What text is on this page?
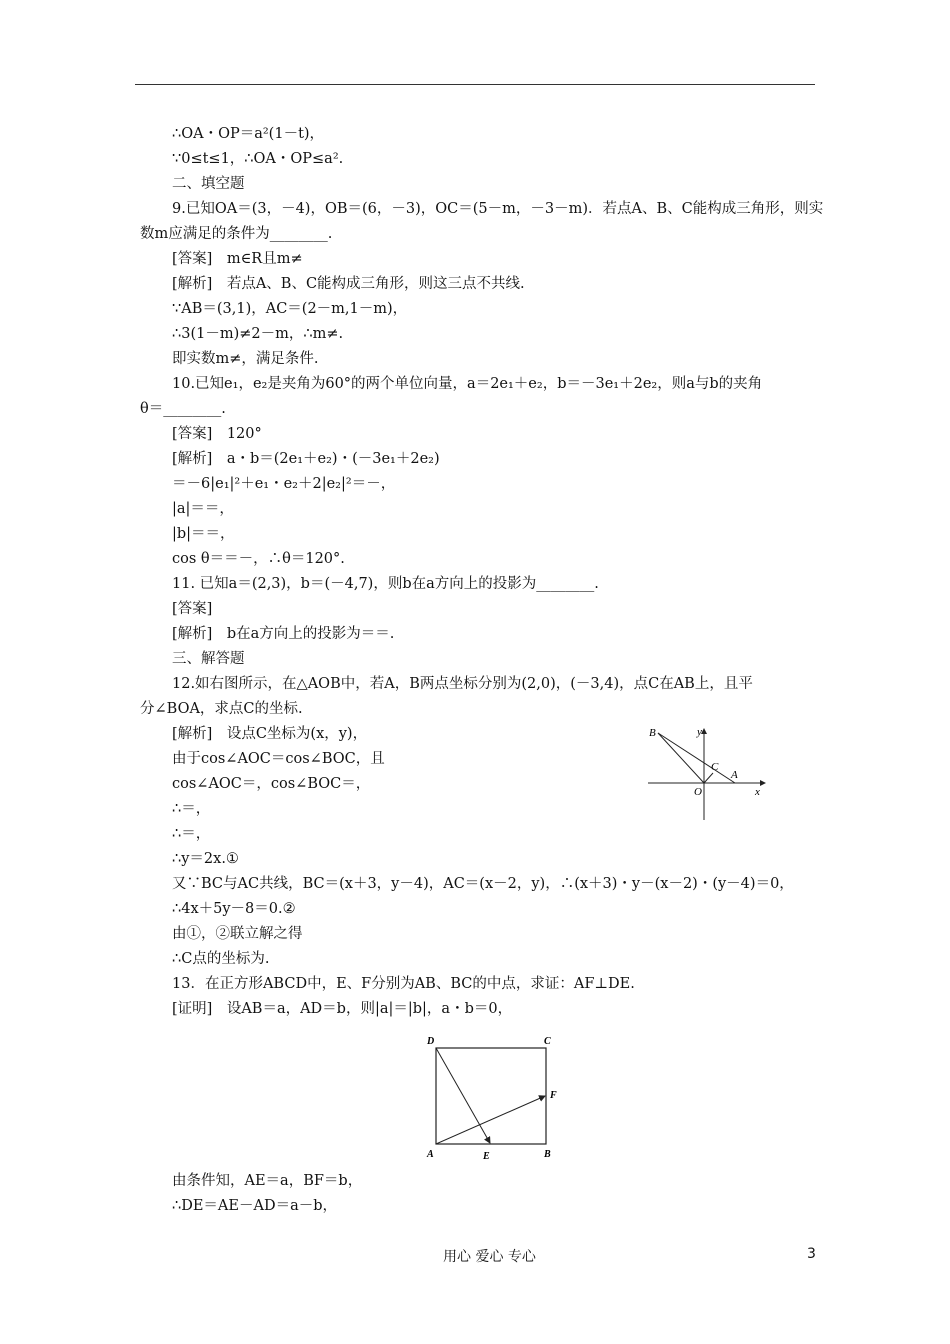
∴OA・OP＝a²(1－t)，
∵0≤t≤1，∴OA・OP≤a².
二、填空题
9.已知OA＝(3，－4)，OB＝(6，－3)，OC＝(5－m，－3－m)．若点A、B、C能构成三角形，则实
数m应满足的条件为________.
[答案]　m∈R且m≠
[解析]　若点A、B、C能构成三角形，则这三点不共线.
∵AB＝(3,1)，AC＝(2－m,1－m)，
∴3(1－m)≠2－m，∴m≠.
即实数m≠，满足条件.
10.已知e₁，e₂是夹角为60°的两个单位向量，a＝2e₁＋e₂，b＝－3e₁＋2e₂，则a与b的夹角
θ＝________.
[答案]　120°
[解析]　a・b＝(2e₁＋e₂)・(－3e₁＋2e₂)
＝－6|e₁|²＋e₁・e₂＋2|e₂|²＝－，
|a|＝＝，
|b|＝＝，
cos θ＝＝－，∴θ＝120°.
11. 已知a＝(2,3)，b＝(－4,7)，则b在a方向上的投影为________.
[答案]
[解析]　b在a方向上的投影为＝＝.
三、解答题
12.如右图所示，在△AOB中，若A，B两点坐标分别为(2,0)，(－3,4)，点C在AB上，且平
分∠BOA，求点C的坐标.
[解析]　设点C坐标为(x，y)，
由于cos∠AOC＝cos∠BOC，且
cos∠AOC＝，cos∠BOC＝，
∴＝，
∴＝，
∴y＝2x.①
又∵BC与AC共线，BC＝(x＋3，y－4)，AC＝(x－2，y)，∴(x＋3)・y－(x－2)・(y－4)＝0，
∴4x＋5y－8＝0.②
由①，②联立解之得
∴C点的坐标为.
13．在正方形ABCD中，E、F分别为AB、BC的中点，求证：AF⊥DE.
[证明]　设AB＝a，AD＝b，则|a|＝|b|，a・b＝0，
由条件知，AE＝a，BF＝b，
∴DE＝AE－AD＝a－b，
B	y
C
A
O	x
D	C
F
A	E	B
用心 爱心 专心	3
